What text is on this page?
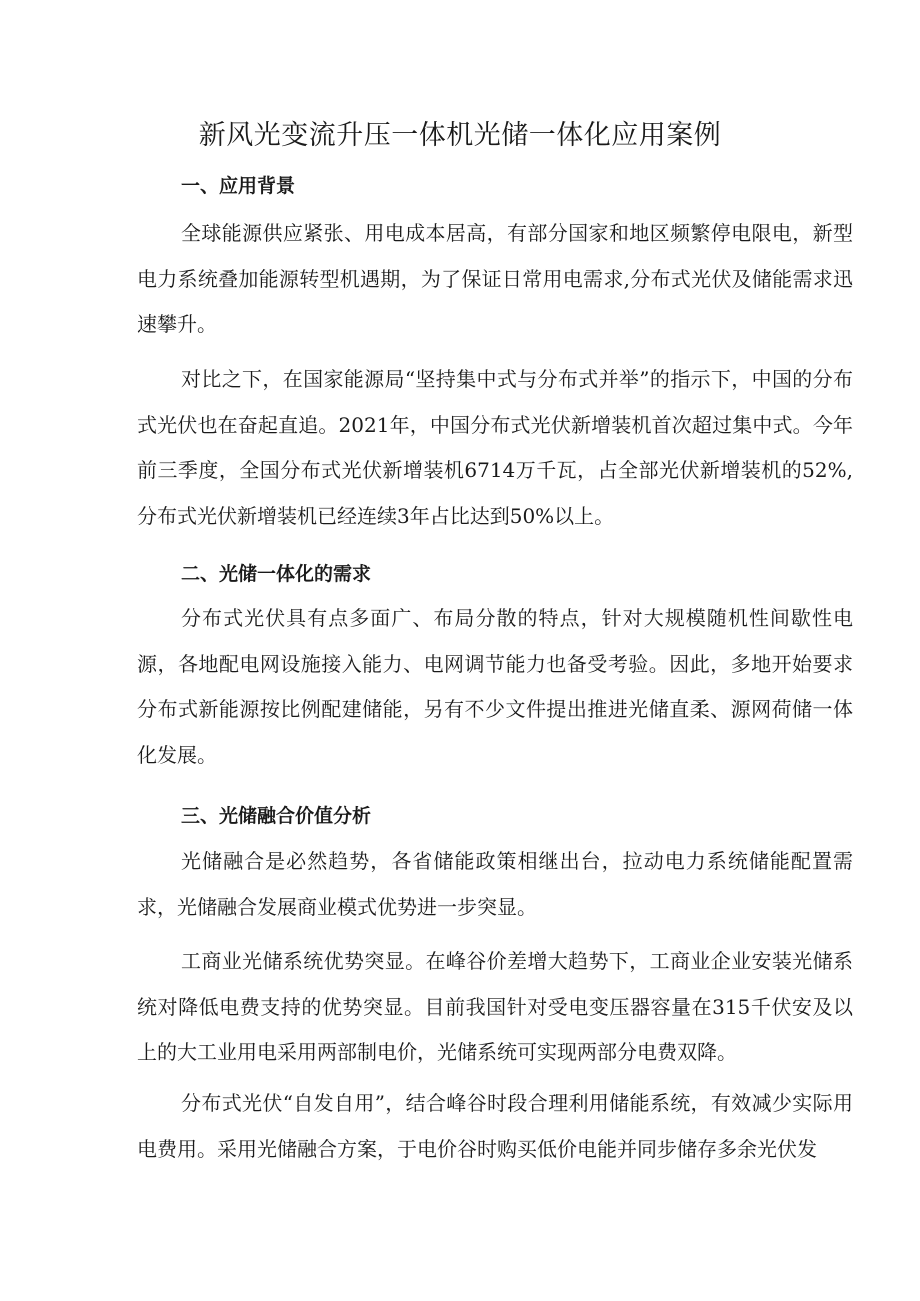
新风光变流升压一体机光储一体化应用案例
一、应用背景

全球能源供应紧张、用电成本居高，有部分国家和地区频繁停电限电，新型电力系统叠加能源转型机遇期，为了保证日常用电需求,分布式光伏及储能需求迅速攀升。

对比之下，在国家能源局“坚持集中式与分布式并举”的指示下，中国的分布式光伏也在奋起直追。2021年，中国分布式光伏新增装机首次超过集中式。今年前三季度，全国分布式光伏新增装机6714万千瓦，占全部光伏新增装机的52%,分布式光伏新增装机已经连续3年占比达到50%以上。

二、光储一体化的需求

分布式光伏具有点多面广、布局分散的特点，针对大规模随机性间歇性电源，各地配电网设施接入能力、电网调节能力也备受考验。因此，多地开始要求分布式新能源按比例配建储能，另有不少文件提出推进光储直柔、源网荷储一体化发展。

三、光储融合价值分析

光储融合是必然趋势，各省储能政策相继出台，拉动电力系统储能配置需求，光储融合发展商业模式优势进一步突显。

工商业光储系统优势突显。在峰谷价差增大趋势下，工商业企业安装光储系统对降低电费支持的优势突显。目前我国针对受电变压器容量在315千伏安及以上的大工业用电采用两部制电价，光储系统可实现两部分电费双降。

分布式光伏“自发自用”，结合峰谷时段合理利用储能系统，有效减少实际用电费用。采用光储融合方案，于电价谷时购买低价电能并同步储存多余光伏发
